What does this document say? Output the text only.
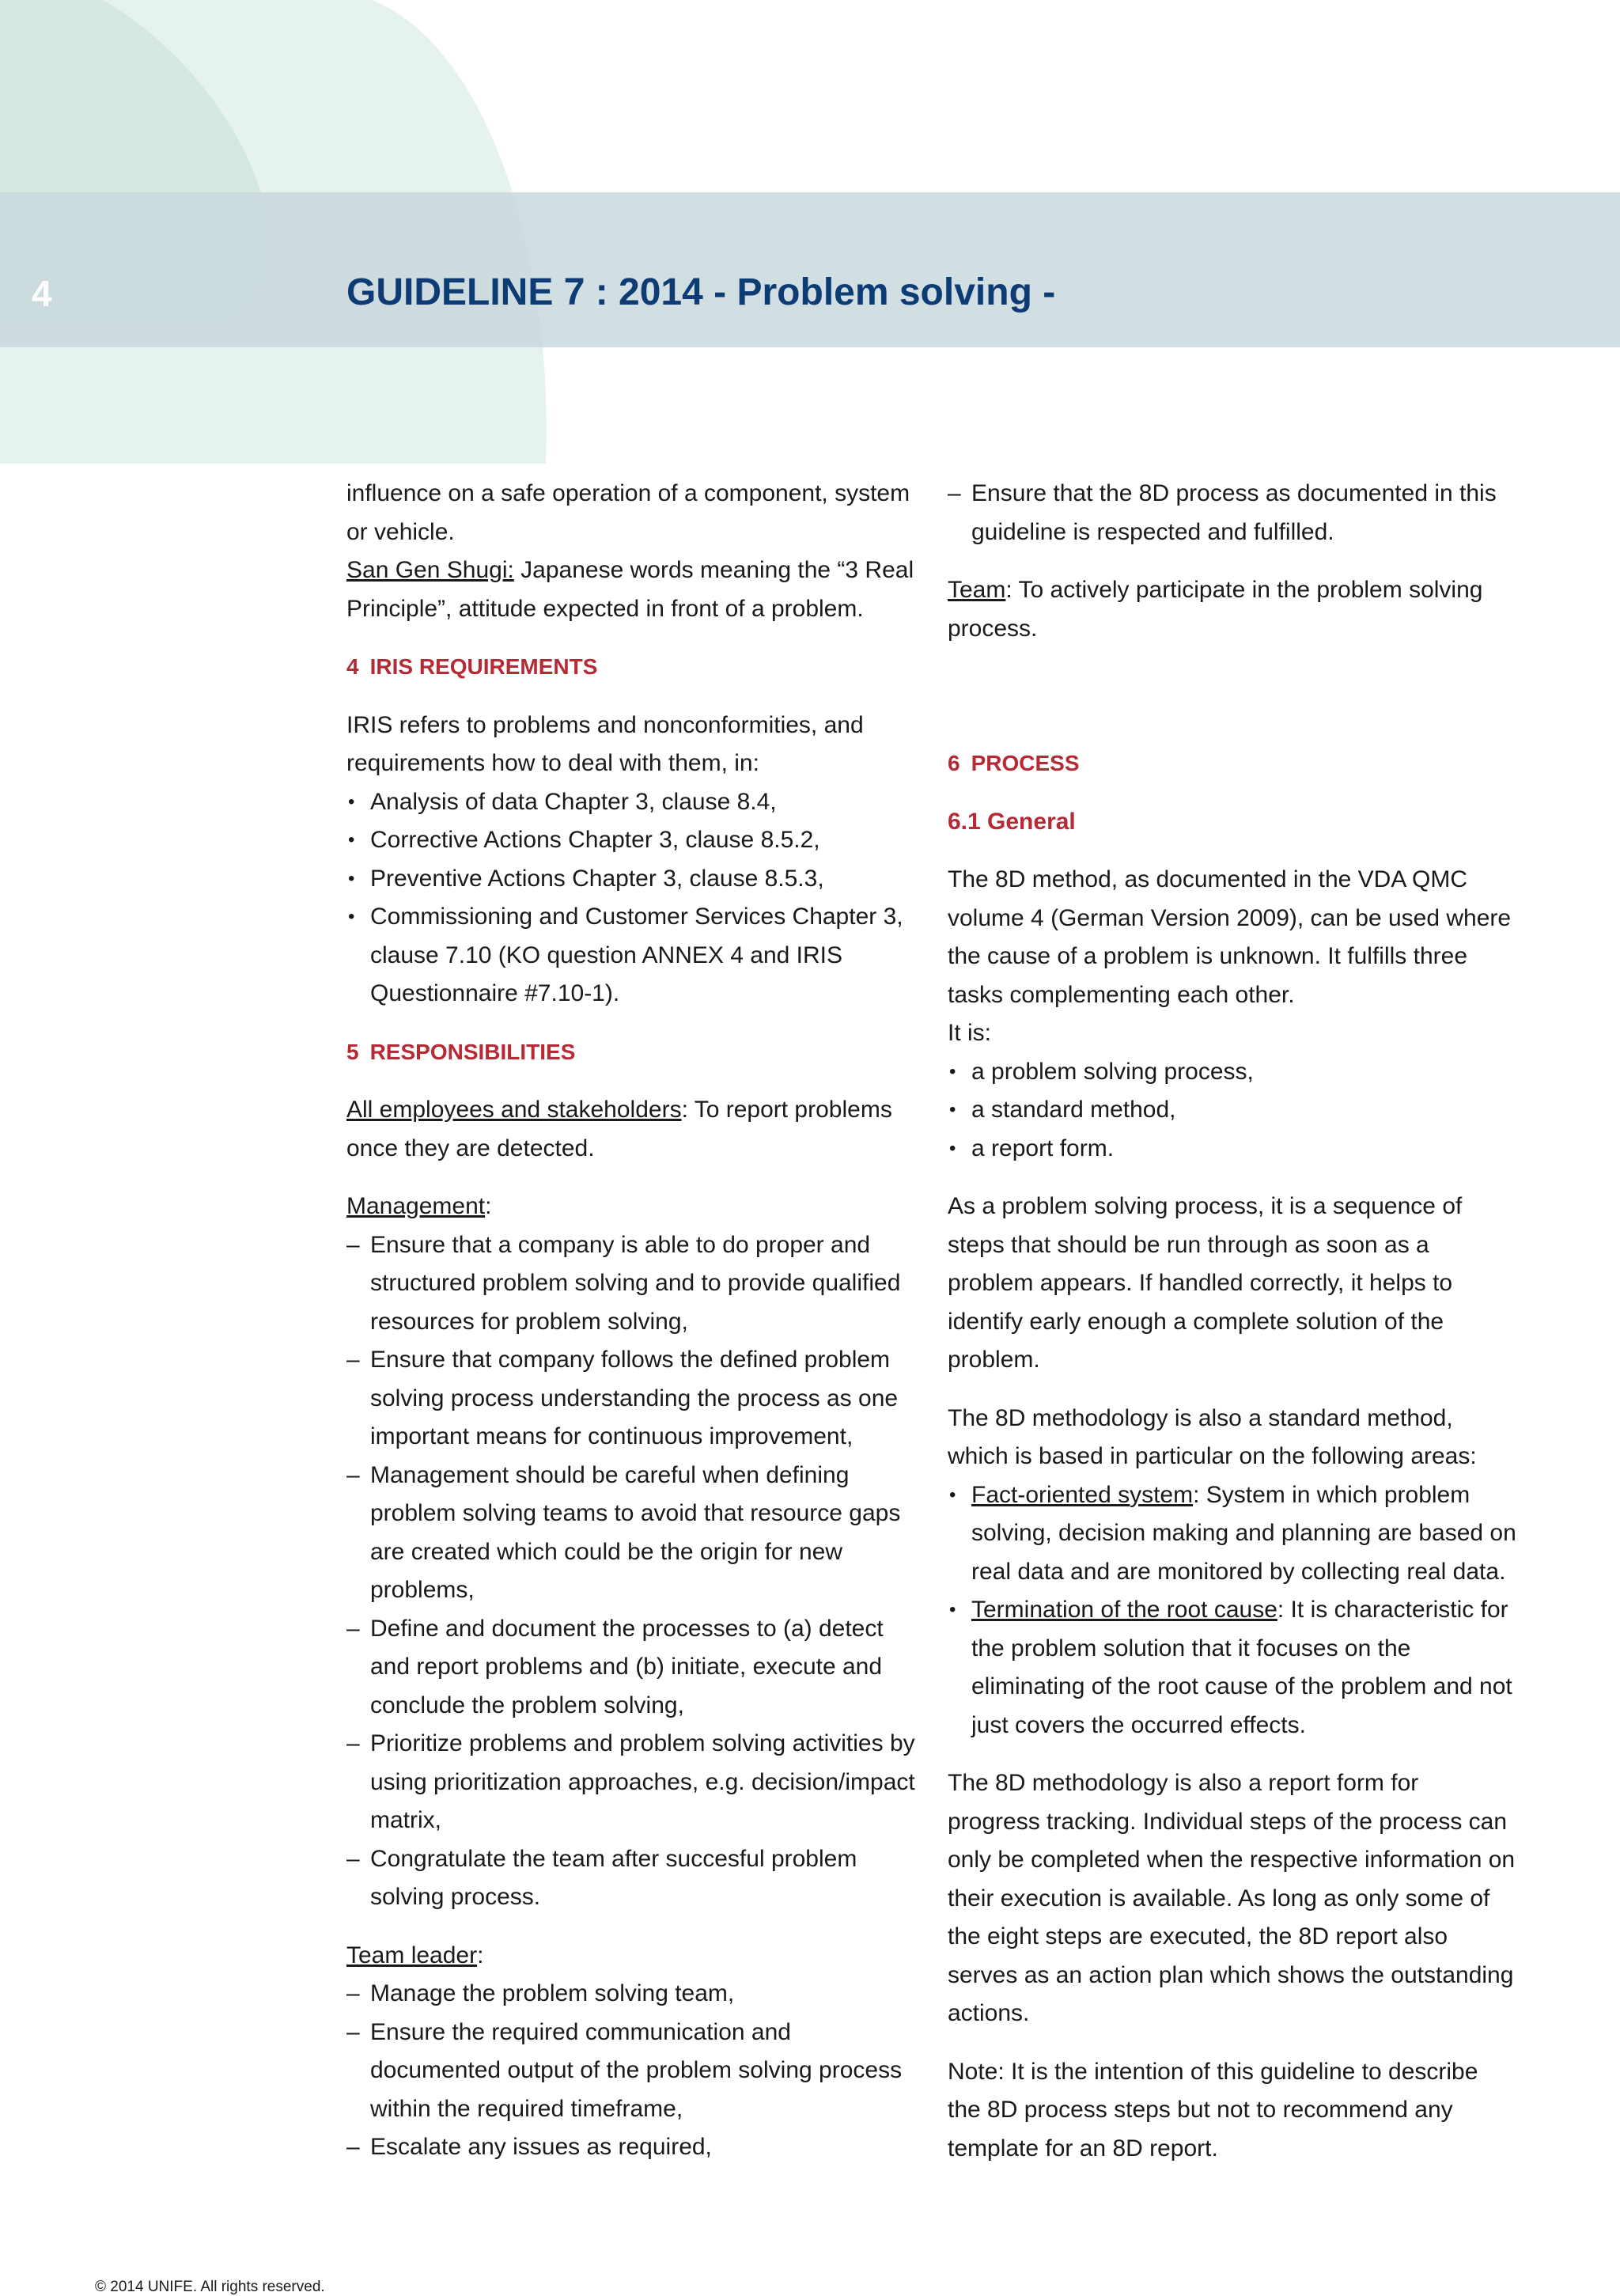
4	GUIDELINE 7 : 2014 - Problem solving -

influence on a safe operation of a component, system or vehicle.

San Gen Shugi: Japanese words meaning the “3 Real Principle”, attitude expected in front of a problem.

4 IRIS REQUIREMENTS

IRIS refers to problems and nonconformities, and requirements how to deal with them, in:

• Analysis of data Chapter 3, clause 8.4,
• Corrective Actions Chapter 3, clause 8.5.2,
• Preventive Actions Chapter 3, clause 8.5.3,
• Commissioning and Customer Services Chapter 3, clause 7.10 (KO question ANNEX 4 and IRIS Questionnaire #7.10-1).
5 RESPONSIBILITIES

All employees and stakeholders: To report problems once they are detected.

Management:

– Ensure that a company is able to do proper and structured problem solving and to provide qualified resources for problem solving,
– Ensure that company follows the defined problem solving process understanding the process as one important means for continuous improvement,
– Management should be careful when defining problem solving teams to avoid that resource gaps are created which could be the origin for new problems,
– Define and document the processes to (a) detect and report problems and (b) initiate, execute and conclude the problem solving,
– Prioritize problems and problem solving activities by using prioritization approaches, e.g. decision/impact matrix,
– Congratulate the team after succesful problem solving process.

Team leader:

– Manage the problem solving team,
– Ensure the required communication and documented output of the problem solving process within the required timeframe,
– Escalate any issues as required,
– Ensure that the 8D process as documented in this guideline is respected and fulfilled.

Team: To actively participate in the problem solving process.

6 PROCESS
6.1 General

The 8D method, as documented in the VDA QMC volume 4 (German Version 2009), can be used where the cause of a problem is unknown. It fulfills three tasks complementing each other.

It is:

• a problem solving process,
• a standard method,
• a report form.

As a problem solving process, it is a sequence of steps that should be run through as soon as a problem appears. If handled correctly, it helps to identify early enough a complete solution of the problem.

The 8D methodology is also a standard method, which is based in particular on the following areas:

• Fact-oriented system: System in which problem solving, decision making and planning are based on real data and are monitored by collecting real data.
• Termination of the root cause: It is characteristic for the problem solution that it focuses on the eliminating of the root cause of the problem and not just covers the occurred effects.

The 8D methodology is also a report form for progress tracking. Individual steps of the process can only be completed when the respective information on their execution is available. As long as only some of the eight steps are executed, the 8D report also serves as an action plan which shows the outstanding actions.

Note: It is the intention of this guideline to describe the 8D process steps but not to recommend any template for an 8D report.

© 2014 UNIFE. All rights reserved.
